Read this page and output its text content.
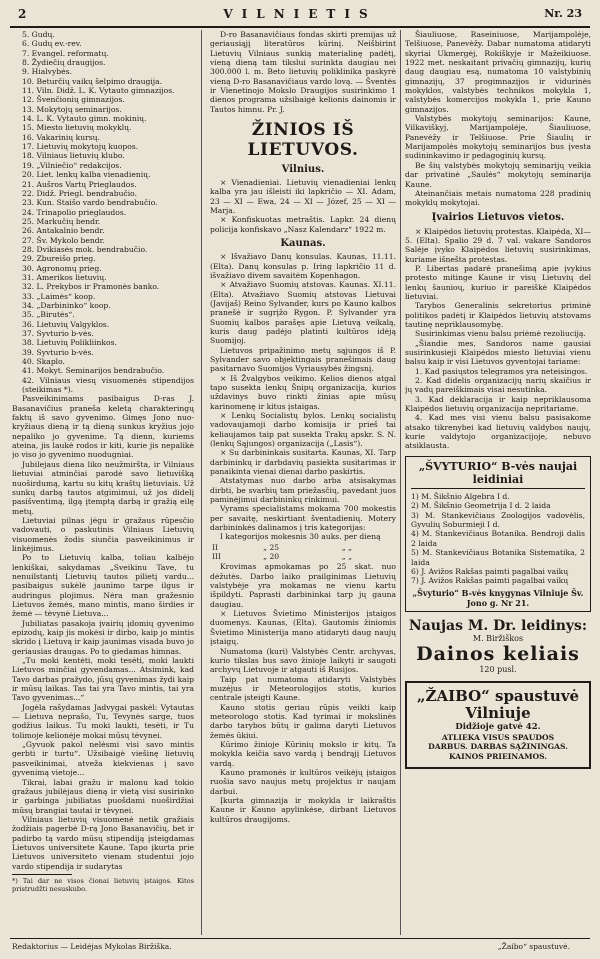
2	VILNIETIS	Nr. 23
5. Gudų.
6. Gudų ev.-rev.
7. Evangel. reformatų.
8. Žydiečių draugijos.
9. Hialvybės.
10. Beturčių vaikų šelpimo draugija.
11. Viln. Didž. L. K. Vytauto gimnazijos.
12. Švenčionių gimnazijos.
13. Mokytojų seminarijos.
14. L. K. Vytauto gimn. mokinių.
15. Miesto lietuvių mokyklų.
16. Vakarinių kursų.
17. Lietuvių mokytojų kuopos.
18. Vilniaus lietuvių klubo.
19. „Vilniečio“ redakcijos.
20. Liet. lenkų kalba vienadienių.
21. Aušros Vartų Prieglaudos.
22. Didž. Priegl. bendrabučio.
23. Kun. Staišo vardo bendrabučio.
24. Trinapolio prieglaudos.
25. Markučių bendr.
26. Antakalnio bendr.
27. Šv. Mykolo bendr.
28. Dvikiasės mok. bendrabučio.
29. Zbureišo prieg.
30. Agronomų prieg.
31. Amerikos lietuvių.
32. L. Prekybos ir Pramonės banko.
33. „Laimės“ koop.
34. „Darbininko“ koop.
35. „Birutės“.
36. Lietuvių Valgyklos.
37. Syvturio b-vės.
38. Lietuvių Polikliinkos.
39. Syvturio b-vės.
40. Skaplo.
41. Mokyt. Seminarijos bendrabučio.
42. Vilniaus viesų visuomenės stipendijos (steikimas *).

Pasveikinimams pasibaigus D-ras J. Basanavičius praneša keletą charakteringų faktų iš savo gyvenimo. Gimęs Jono nuo-kryžiaus dieną ir tą dieną sunkus kryžius jojo nepaliko jo gyvenime. Tą dienn, kuriems ateina, jis laukė rodos ir kiti, kurie jis nepalikė jo viso jo gyvenimo nuodugniai.

Jubilejaus diena liko neužmiršta, ir Vilniaus lietuviai atminčiai parodė savo lietuvišką nuoširdumą, kartu su kitų kraštų lietuviais. Už sunkų darbą tautos atgimimui, už jos didelį pasišventimą, ilgą įtemptą darbą ir gražią eilę metų.

Lietuviai pilnas jėgu ir gražaus rūpesčio vadovauti, o paskutinis Vilniaus Lietuvių visuomenės žodis siunčia pasveikinimus ir linkėjimus.

Po to Lietuvių kalba, toliau kalbėjo lenkiškai, sakydamas „Sveikinu Tave, tu nenuilstantį Lietuvių tautos pilietį vardu... pasibaigus sukėlė jaunimo tarpe ilgus ir audringus plojimus. Nėra man gražesnio Lietuvos žemės, mano mintis, mano širdies ir žemė — tėvynė Lietuva...

Jubiliatas pasakoja įvairių įdomių gyvenimo epizodų, kaip jis mokėsi ir dirbo, kaip jo mintis skrido į Lietuvą ir kaip jaunimas visada buvo jo geriausias draugas. Po to giedamas himnas.

„Tu moki kentėti, moki tesėti, moki laukti Lietuvos minčiai gyvendamas... Atsimink, kad Tavo darbas pražydo, jūsų gyvenimas žydi kaip ir mūsų laikas. Tas tai yra Tavo mintis, tai yra Tavo gyvenimas...“

Jogėla rašydamas Jadvygai paskėl: Vytautas — Lietuva neprašo, Tu, Tevynės sarge, tuos godžius laikus. Tu moki laukti, tesėti, ir Tu tolimoje kelionėje mokai mūsų tėvynei.

„Gyvuok pakol nelėsmi visi savo mintis gerbti ir turtu“. Užsibaigė viešinę lietuvių pasveikinimai, atveža kiekvienas į savo gyvenimą vietoje...

Tikrai, labai gražu ir malonu kad tokio gražaus jubilėjaus dieną ir vietą visi susirinko ir garbinga jubiliatas puošdami nuoširdžiai mūsų brangiai tautai ir tėvynei.

Vilniaus lietuvių visuomenė netik gražiais žodžiais pagerbė D-rą Jono Basanavičių, bet ir padirbo tą vardo mūsų stipendiją įsteigdamas Lietuvos universitete Kaune. Tapo įkurta prie Lietuvos universiteto vienam studentui jojo vardo stipendija ir sudarytas

*) Tai dar ne visos čionai lietuvių įstaigos. Kitos pristrudžti nesuskubo.

D-ro Basanavičiaus fondas skirti premijas už geriausiąjį literatūros kūrinį. Neišbirint Lietuvių Vilniaus sunkią materialinę padėtį, vieną dieną tam tikslui surinkta daugiau nei 300.000 l. m. Beto lietuvių poliklinika paskyrė vieną D-ro Basanavičiaus vardo lovą. — Šventės ir Vienetinojo Mokslo Draugijos susirinkimo 1 dienos programa užsibaigė kelionis dainomis ir Tautos himnu. Pr. J.

ŽINIOS IŠ LIETUVOS.
Vilnius.

× Vienadieniai. Lietuvių vienadieniai lenkų kalba yra jau išleisti iki lapkričio — XI. Adam, 23 — XI — Ewa, 24 — XI — Józef, 25 — XI — Marja.

× Konfiskuotas metraštis. Lapkr. 24 dienų policija konfiskavo „Nasz Kalendarz“ 1922 m.

Kaunas.

× Išvažiavo Danų konsulas. Kaunas, 11.11. (Elta). Danų konsulas p. Iring lapkričio 11 d. išvažiavo divem savaitėm Kopenhagon.

× Atvažiavo Suomių atstovas. Kaunas. XI.11. (Elta). Atvažiavo Suomių atstovas Lietuvai (Javijaš) Reino Sylvander, kurs po Kauno kalbos pranešė ir sugrįžo Rygon. P. Sylvander yra Suomių kalbos parašęs apie Lietuvą veikalą, kuris daug padėjo platinti kultūros idėją Suomijoj.

Lietuvos pripažinimo metų sąjungos iš P. Sylvander savo objektingais pranešimais daug pasitarnavo Suomijos Vyriausybės žingsnį.

× Iš Žvalgybos veikimo. Kelios dienos atgal tapo susekta lenkų Šnipų organizacija, kurios uždavinys buvo rinkti žinias apie mūsų karinomenę ir kitus įstaigas.

× Lenkų Socialistų bylos. Lenkų socialistų vadovaujamoji darbo komisija ir prieš tai keliaujamos taip pat susekta Trakų apskr. S. N. (lenkų Sąjungos) organizacija („Lasis“).

× Su darbininkais susitarta. Kaunas, XI. Tarp darbininkų ir darbdavių pasiekta susitarimas ir panaikinta vienai dienai darbo paskirtis.

Atstatymas nuo darbo arba atsisakymas dirbti, be svarbių tam priežasčių, pavedant juos paminėjimui darbininkų rinkimui.

Vyrams specialistams mokama 700 mokestis per savaitę, neskirtiant šventadienių. Motery darbininkės dalinamos į tris kategorijas:

I kategorijos mokesnis 30 auks. per dieną

II	„ 25	„ „
III	„ 20	„ „

Krovimas apmokamas po 25 skat. nuo dėžutės. Darbo laiko prailginimas Lietuvių valstybėje yra mokamas ne vienu kartu išpildyti. Paprasti darbininkai tarp jų gauna daugiau.

× Lietuvos Švietimo Ministerijos įstaigos duomenys. Kaunas, (Elta). Gautomis žiniomis Švietimo Ministerija mano atidaryti daug naujų įstaigų.

Numatoma (kuri) Valstybės Centr. archyvas, kurio tikslas bus savo žinioje laikyti ir saugoti archyvų Lietuvoje ir atgauti iš Rusijos.

Taip pat numatoma atidaryti Valstybės muzėjus ir Meteorologijos stotis, kurios centrale įsteigti Kaune.

Kauno stotis geriau rūpis veikti kaip meteorologo stotis. Kad tyrimai ir mokslinės darbo tarybos būtų ir galima daryti Lietuvos žemės ūkiui.

Kūrimo žinioje Kūrinių mokslo ir kitų. Ta mokykla keičia savo vardą į bendrąjį Lietuvos vardą.

Kauno pramonės ir kultūros veikėjų įstaigos ruošia savo naujus metų projektus ir naujam darbui.

Įkurta gimnazija ir mokykla ir laikraštis Kaune ir Kauno apylinkėse, dirbant Lietuvos kultūros draugijoms.

Šiauliuose, Raseiniuose, Marijampolėje, Telšiuose, Panevėžy. Dabar numatoma atidaryti skyriai Ukmergėj, Rokiškyje ir Mažeikiuose. 1922 met. neskaitant privačių gimnazijų, kurių daug daugiau esą, numatoma 10 valstybinių gimnazijų, 37 progimnazijos ir vidurinės mokyklos, valstybės technikos mokykla 1, valstybės komercijos mokykla 1, prie Kauno gimnazijos.

Valstybės mokytojų seminarijos: Kaune, Vilkaviškyj, Marijampolėje, Šiauliuose, Panevėžy ir Telšiuose. Prie Šiaulių ir Marijampolės mokytojų seminarijos bus įvesta sudininkavimo ir pedagoginių kursų.

Be šių valstybės mokytojų seminarijų veikia dar privatinė „Saulės“ mokytojų seminarija Kaune.

Ateinančiais metais numatoma 228 pradinių mokyklų mokytojai.

Įvairios Lietuvos vietos.

× Klaipėdos lietuvių protestas. Klaipėda, XI—5. (Elta). Spalio 29 d. 7 val. vakare Sandoros Salėje įvyko Klaipėdos lietuvių susirinkimas, kuriame išnešta protestas.

P. Libertas padarė pranešimą apie įvykius protesto mitinge Kaune ir visų Lietuvių del lenkų šaunioų, kuriuo ir pareiškė Klaipėdos lietuviai.

Tarybos Generalinis sekretorius priminė politikos padėtį ir Klaipėdos lietuvių atstovams tautinę nepriklausomybę.

Susirinkimas vienu balsu priėmė rezoliuciją.

„Šiandie mes, Sandoros name gausiai susirinkusieji Klaipėdos miesto lietuviai vienu balsu kaip ir visi Lietuvos gyventojai tariame:

1. Kad pasiųstos telegramos yra neteisingos.

2. Kad didelis organizacijų narių skaičius ir jų vadų pareiškimais visai nesutinka.

3. Kad deklaracija ir kaip nepriklausoma Klaipėdos lietuvių organizacija nepritariame.

4. Kad mes visi vienu balsu pasisakome atsako tikrenybei kad lietuvių valdybos naujų, kurie valdytojo organizacijoje, nebuvo atsiklausta.

„ŠVYTURIO“ B-vės naujai leidiniai
1) M. Šikšnio Algebra I d.
2) M. Šikšnio Geometrija I d. 2 laida
3) M. Stankevičiaus Zoologijos vadovėlis, Gyvulių Soburmieji I d.
4) M. Stankevičiaus Botanika. Bendroji dalis 2 laida
5) M. Stankevičiaus Botanika Sistematika, 2 laida
6) J. Avižos Rakšas paimti pagalbai vaikų
7) J. Avižos Rakšas paimti pagalbai vaikų
„Švyturio“ B-vės knygynas Vilniuje Šv. Jono g. Nr 21.
Naujas M. Dr. leidinys:
M. Biržiškos
Dainos keliais
120 pusl.
„ŽAIBO“ spaustuvė Vilniuje
Didžioje gatvė 42.
ATLIEKA VISUS SPAUDOS
DARBUS. DARBAS SĄŽININGAS. KAINOS PRIEINAMOS.
Redaktorius — Leidėjas Mykolas Biržiška.	„Žaibo“ spaustuvė.
